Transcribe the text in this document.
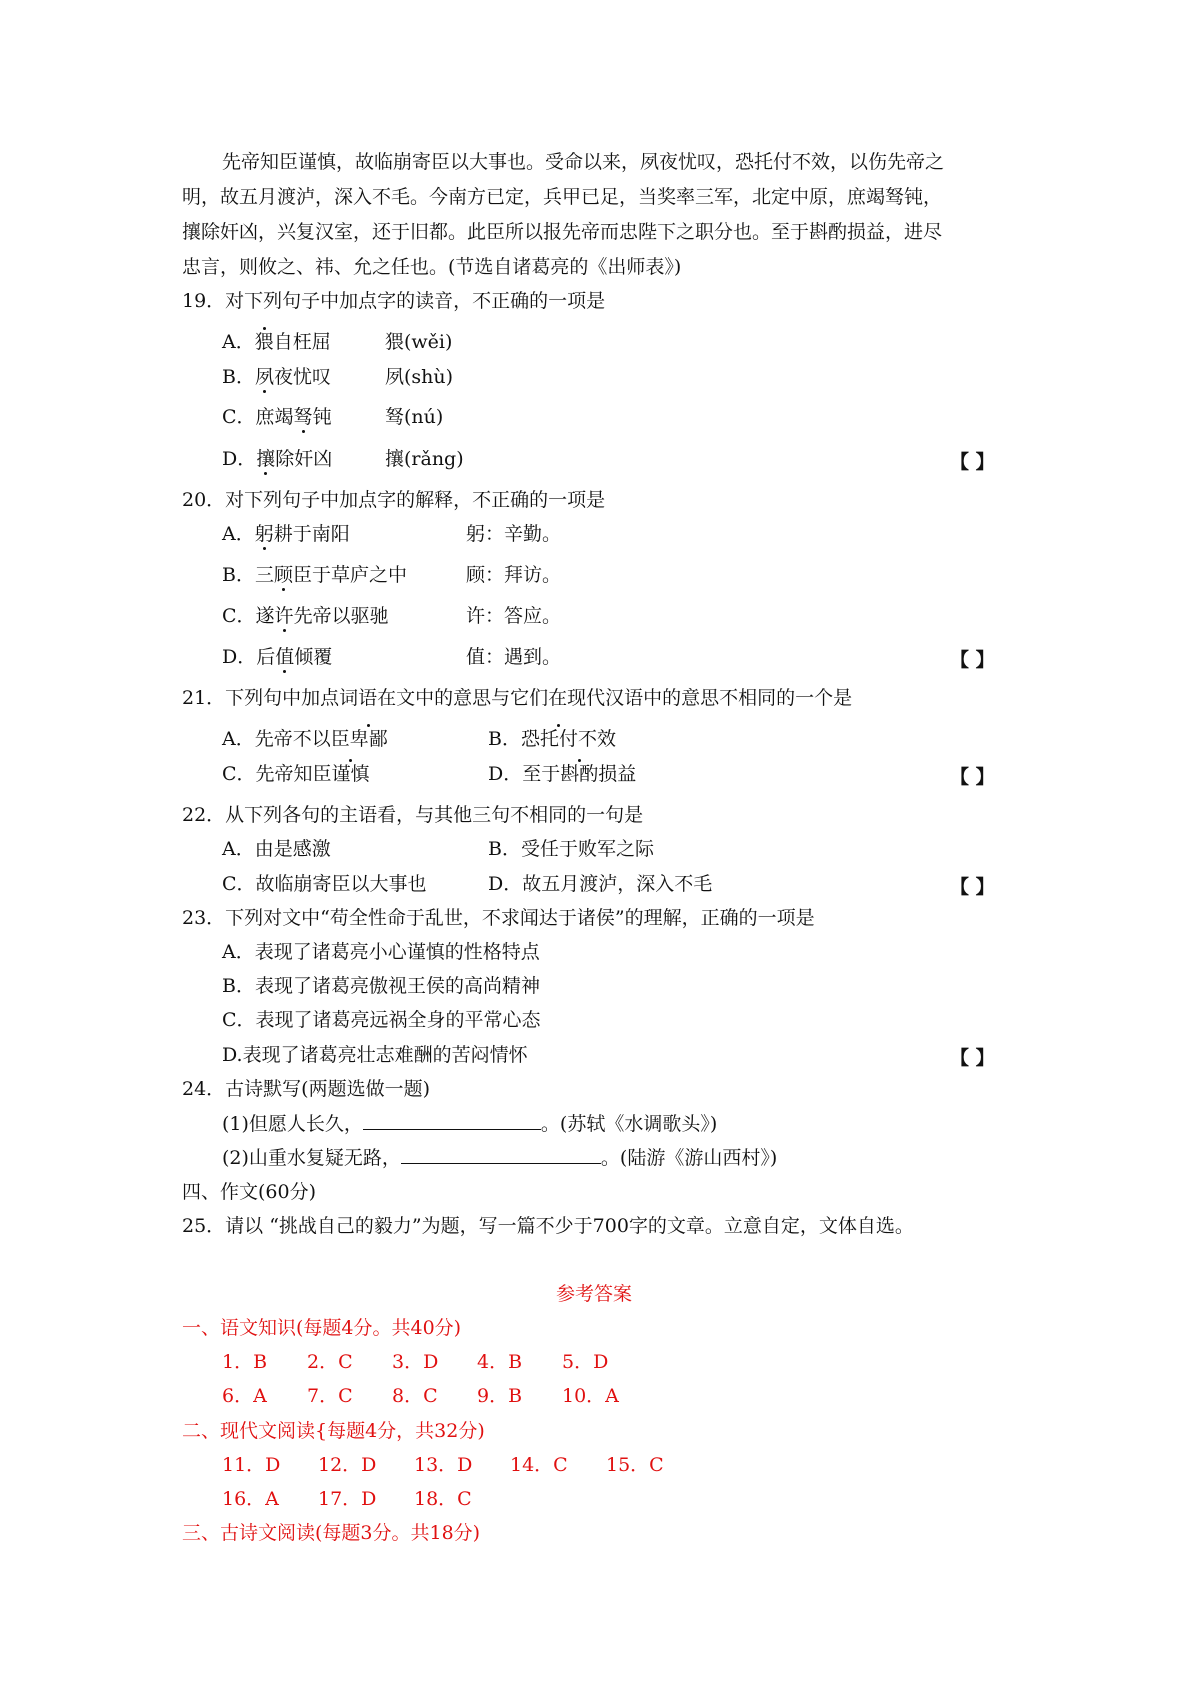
先帝知臣谨慎，故临崩寄臣以大事也。受命以来，夙夜忧叹，恐托付不效，以伤先帝之
明，故五月渡泸，深入不毛。今南方已定，兵甲已足，当奖率三军，北定中原，庶竭驽钝，
攘除奸凶，兴复汉室，还于旧都。此臣所以报先帝而忠陛下之职分也。至于斟酌损益，进尽
忠言，则攸之、祎、允之任也。(节选自诸葛亮的《出师表》)
19．对下列句子中加点字的读音，不正确的一项是
A．猥自枉屈	猥(wěi)
B．夙夜忧叹	夙(shù)
C．庶竭驽钝	驽(nú)
D．攘除奸凶	攘(rǎng)	【 】
20．对下列句子中加点字的解释，不正确的一项是
A．躬耕于南阳	躬：辛勤。
B．三顾臣于草庐之中	顾：拜访。
C．遂许先帝以驱驰	许：答应。
D．后值倾覆	值：遇到。	【 】
21．下列句中加点词语在文中的意思与它们在现代汉语中的意思不相同的一个是
A．先帝不以臣卑鄙	B．恐托付不效
C．先帝知臣谨慎	D．至于斟酌损益	【 】
22．从下列各句的主语看，与其他三句不相同的一句是
A．由是感激	B．受任于败军之际
C．故临崩寄臣以大事也	D．故五月渡泸，深入不毛	【 】
23．下列对文中“苟全性命于乱世，不求闻达于诸侯”的理解，正确的一项是
A．表现了诸葛亮小心谨慎的性格特点
B．表现了诸葛亮傲视王侯的高尚精神
C．表现了诸葛亮远祸全身的平常心态
D.表现了诸葛亮壮志难酬的苦闷情怀	【 】
24．古诗默写(两题选做一题)
(1)但愿人长久，	。(苏轼《水调歌头》)
(2)山重水复疑无路，	。(陆游《游山西村》)
四、作文(60分)
25．请以 “挑战自己的毅力”为题，写一篇不少于700字的文章。立意自定，文体自选。
参考答案
一、语文知识(每题4分。共40分)
1．B 2．C 3．D 4．B 5．D
6．A 7．C 8．C 9．B 10．A
二、现代文阅读{每题4分，共32分)
11．D 12．D 13．D 14．C 15．C
16．A 17．D 18．C
三、古诗文阅读(每题3分。共18分)
